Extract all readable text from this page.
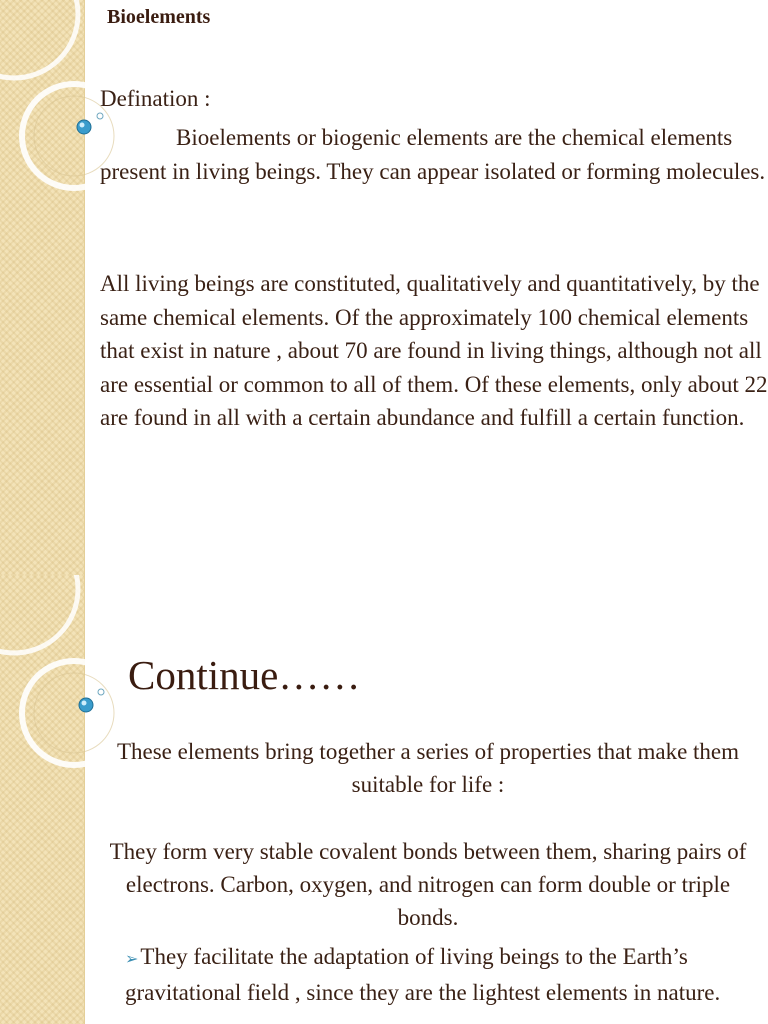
Bioelements

Defination :

Bioelements or biogenic elements are the chemical elements present in living beings. They can appear isolated or forming molecules.

All living beings are constituted, qualitatively and quantitatively, by the same chemical elements. Of the approximately 100 chemical elements that exist in nature , about 70 are found in living things, although not all are essential or common to all of them. Of these elements, only about 22 are found in all with a certain abundance and fulfill a certain function.

Continue……

These elements bring together a series of properties that make them suitable for life :

They form very stable covalent bonds between them, sharing pairs of electrons. Carbon, oxygen, and nitrogen can form double or triple bonds.

➢They facilitate the adaptation of living beings to the Earth’s gravitational field , since they are the lightest elements in nature.
